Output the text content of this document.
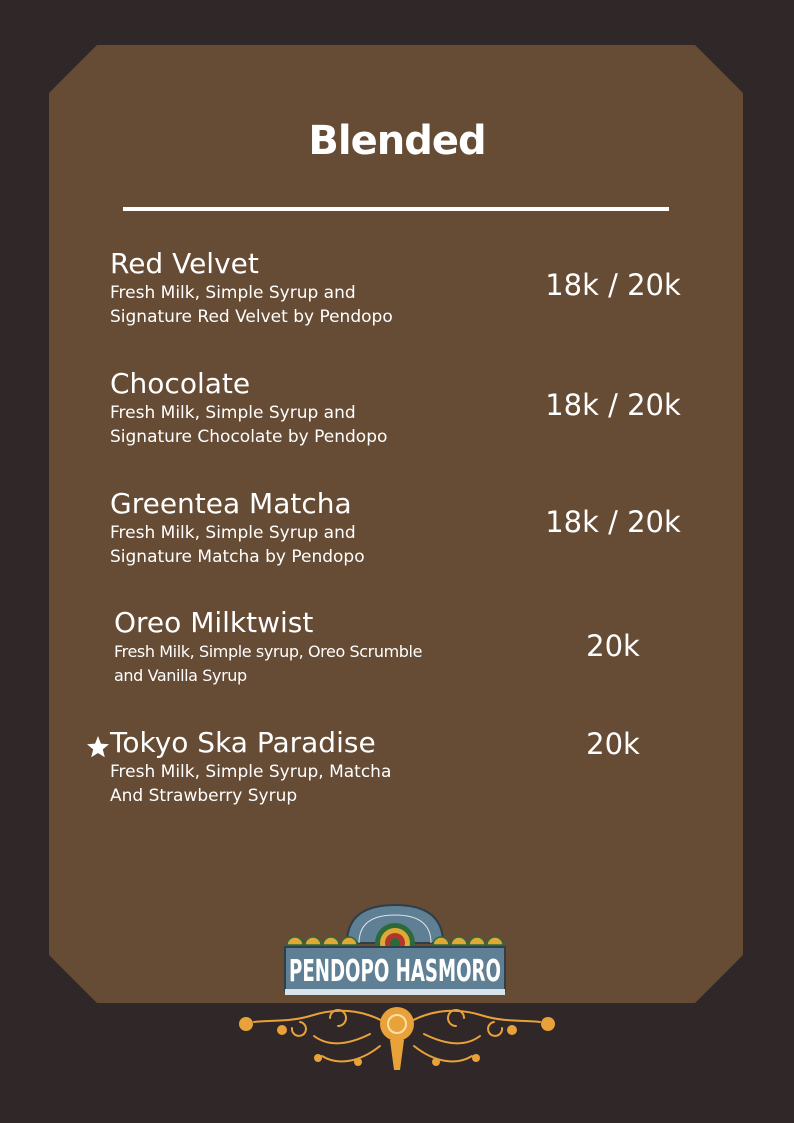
Blended
Red Velvet
Fresh Milk, Simple Syrup and
Signature Red Velvet by Pendopo
18k / 20k
Chocolate
Fresh Milk, Simple Syrup and
Signature Chocolate by Pendopo
18k / 20k
Greentea Matcha
Fresh Milk, Simple Syrup and
Signature Matcha by Pendopo
18k / 20k
Oreo Milktwist
Fresh Milk, Simple syrup, Oreo Scrumble
and Vanilla Syrup
20k
Tokyo Ska Paradise
Fresh Milk, Simple Syrup, Matcha
And Strawberry Syrup
20k
PENDOPO HASMORO
